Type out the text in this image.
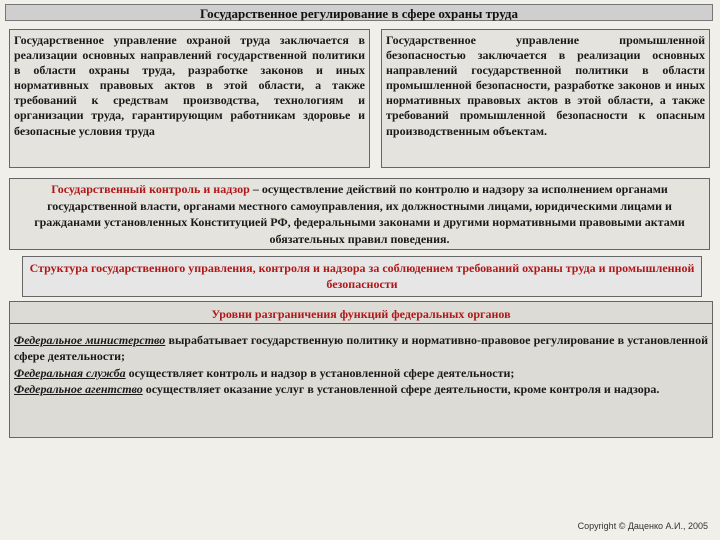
Государственное регулирование в сфере охраны труда
Государственное управление охраной труда заключается в реализации основных направлений государственной политики в области охраны труда, разработке законов и иных нормативных правовых актов в этой области, а также требований к средствам производства, технологиям и организации труда, гарантирующим работникам здоровье и безопасные условия труда
Государственное управление промышленной безопасностью заключается в реализации основных направлений государственной политики в области промышленной безопасности, разработке законов и иных нормативных правовых актов в этой области, а также требований промышленной безопасности к опасным производственным объектам.
Государственный контроль и надзор – осуществление действий по контролю и надзору за исполнением органами государственной власти, органами местного самоуправления, их должностными лицами, юридическими лицами и гражданами установленных Конституцией РФ, федеральными законами и другими нормативными правовыми актами обязательных правил поведения.
Структура государственного управления, контроля и надзора за соблюдением требований охраны труда и промышленной безопасности
Уровни разграничения функций федеральных органов

Федеральное министерство вырабатывает государственную политику и нормативно-правовое регулирование в установленной сфере деятельности;

Федеральная служба осуществляет контроль и надзор в установленной сфере деятельности;

Федеральное агентство осуществляет оказание услуг в установленной сфере деятельности, кроме контроля и надзора.

Copyright © Даценко А.И., 2005
